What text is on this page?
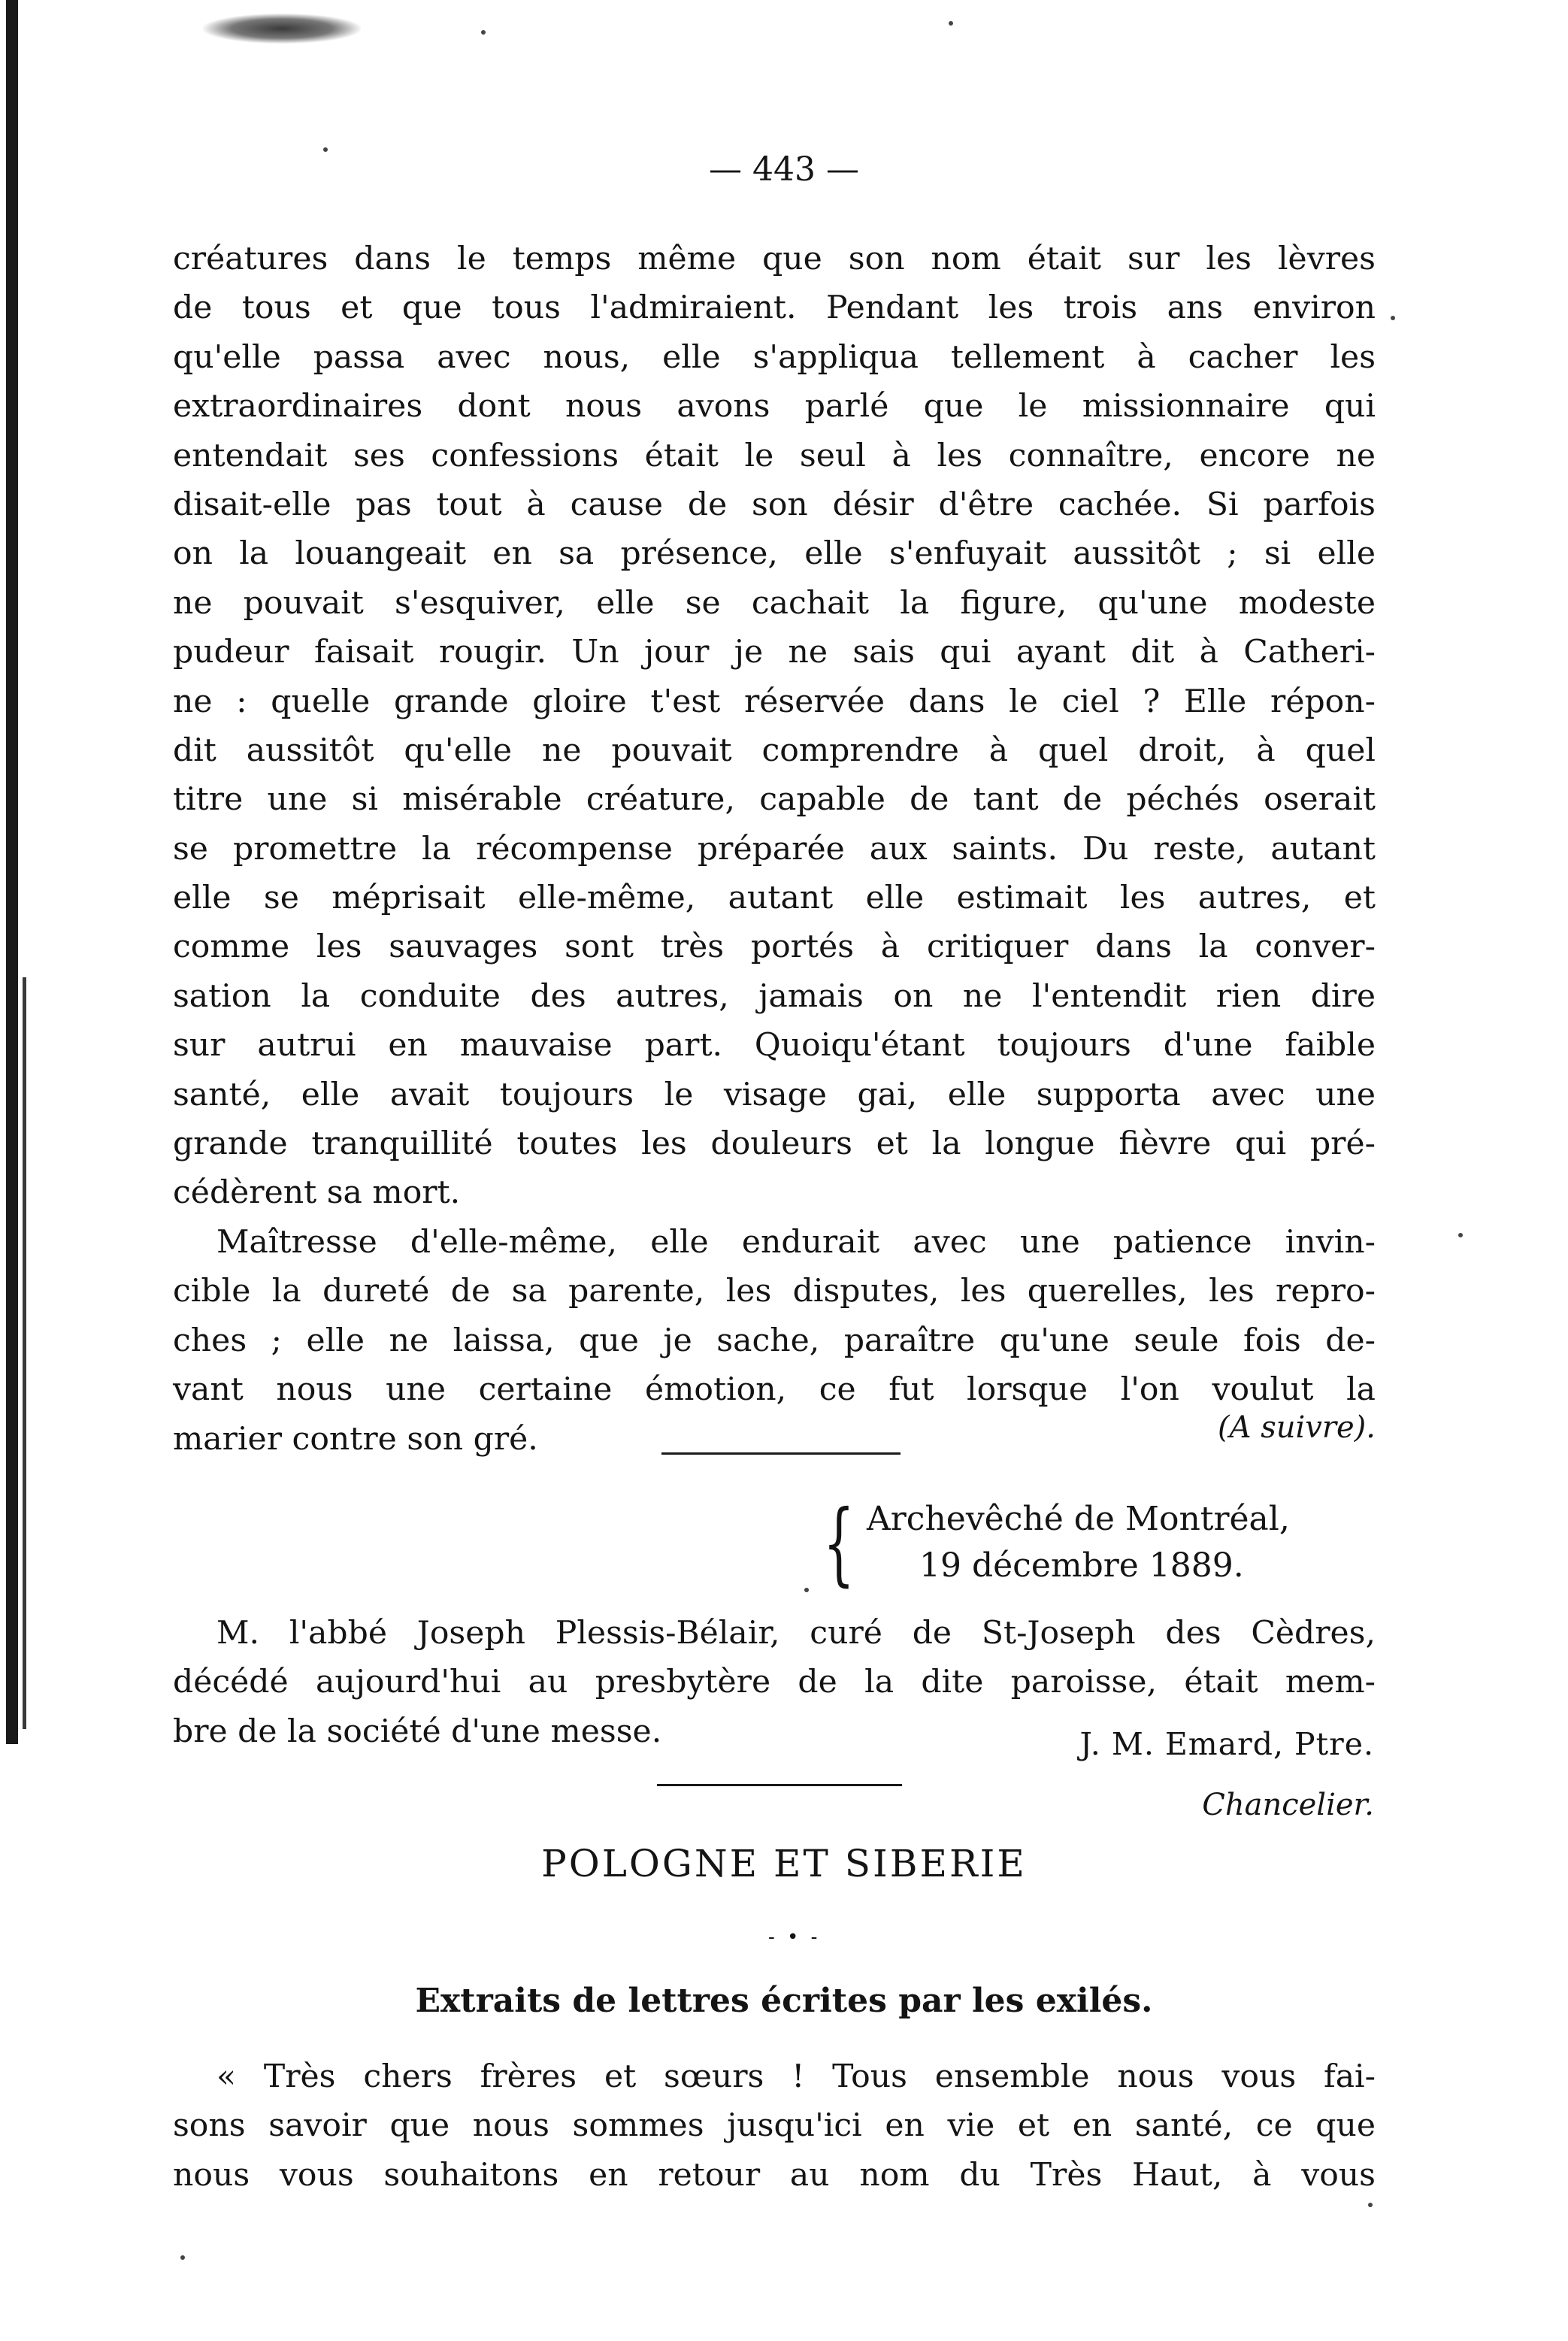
— 443 —
créatures dans le temps même que son nom était sur les lèvres
de tous et que tous l'admiraient. Pendant les trois ans environ
qu'elle passa avec nous, elle s'appliqua tellement à cacher les
extraordinaires dont nous avons parlé que le missionnaire qui
entendait ses confessions était le seul à les connaître, encore ne
disait-elle pas tout à cause de son désir d'être cachée. Si parfois
on la louangeait en sa présence, elle s'enfuyait aussitôt ; si elle
ne pouvait s'esquiver, elle se cachait la figure, qu'une modeste
pudeur faisait rougir. Un jour je ne sais qui ayant dit à Catheri-
ne : quelle grande gloire t'est réservée dans le ciel ? Elle répon-
dit aussitôt qu'elle ne pouvait comprendre à quel droit, à quel
titre une si misérable créature, capable de tant de péchés oserait
se promettre la récompense préparée aux saints. Du reste, autant
elle se méprisait elle-même, autant elle estimait les autres, et
comme les sauvages sont très portés à critiquer dans la conver-
sation la conduite des autres, jamais on ne l'entendit rien dire
sur autrui en mauvaise part. Quoiqu'étant toujours d'une faible
santé, elle avait toujours le visage gai, elle supporta avec une
grande tranquillité toutes les douleurs et la longue fièvre qui pré-
cédèrent sa mort.
Maîtresse d'elle-même, elle endurait avec une patience invin-
cible la dureté de sa parente, les disputes, les querelles, les repro-
ches ; elle ne laissa, que je sache, paraître qu'une seule fois de-
vant nous une certaine émotion, ce fut lorsque l'on voulut la
marier contre son gré.	(A suivre).
{ Archevêché de Montréal,
19 décembre 1889.
M. l'abbé Joseph Plessis-Bélair, curé de St-Joseph des Cèdres,
décédé aujourd'hui au presbytère de la dite paroisse, était mem-
bre de la société d'une messe.	J. M. Emard, Ptre.
Chancelier.
POLOGNE ET SIBERIE
- • -
Extraits de lettres écrites par les exilés.
« Très chers frères et sœurs ! Tous ensemble nous vous fai-
sons savoir que nous sommes jusqu'ici en vie et en santé, ce que
nous vous souhaitons en retour au nom du Très Haut, à vous
